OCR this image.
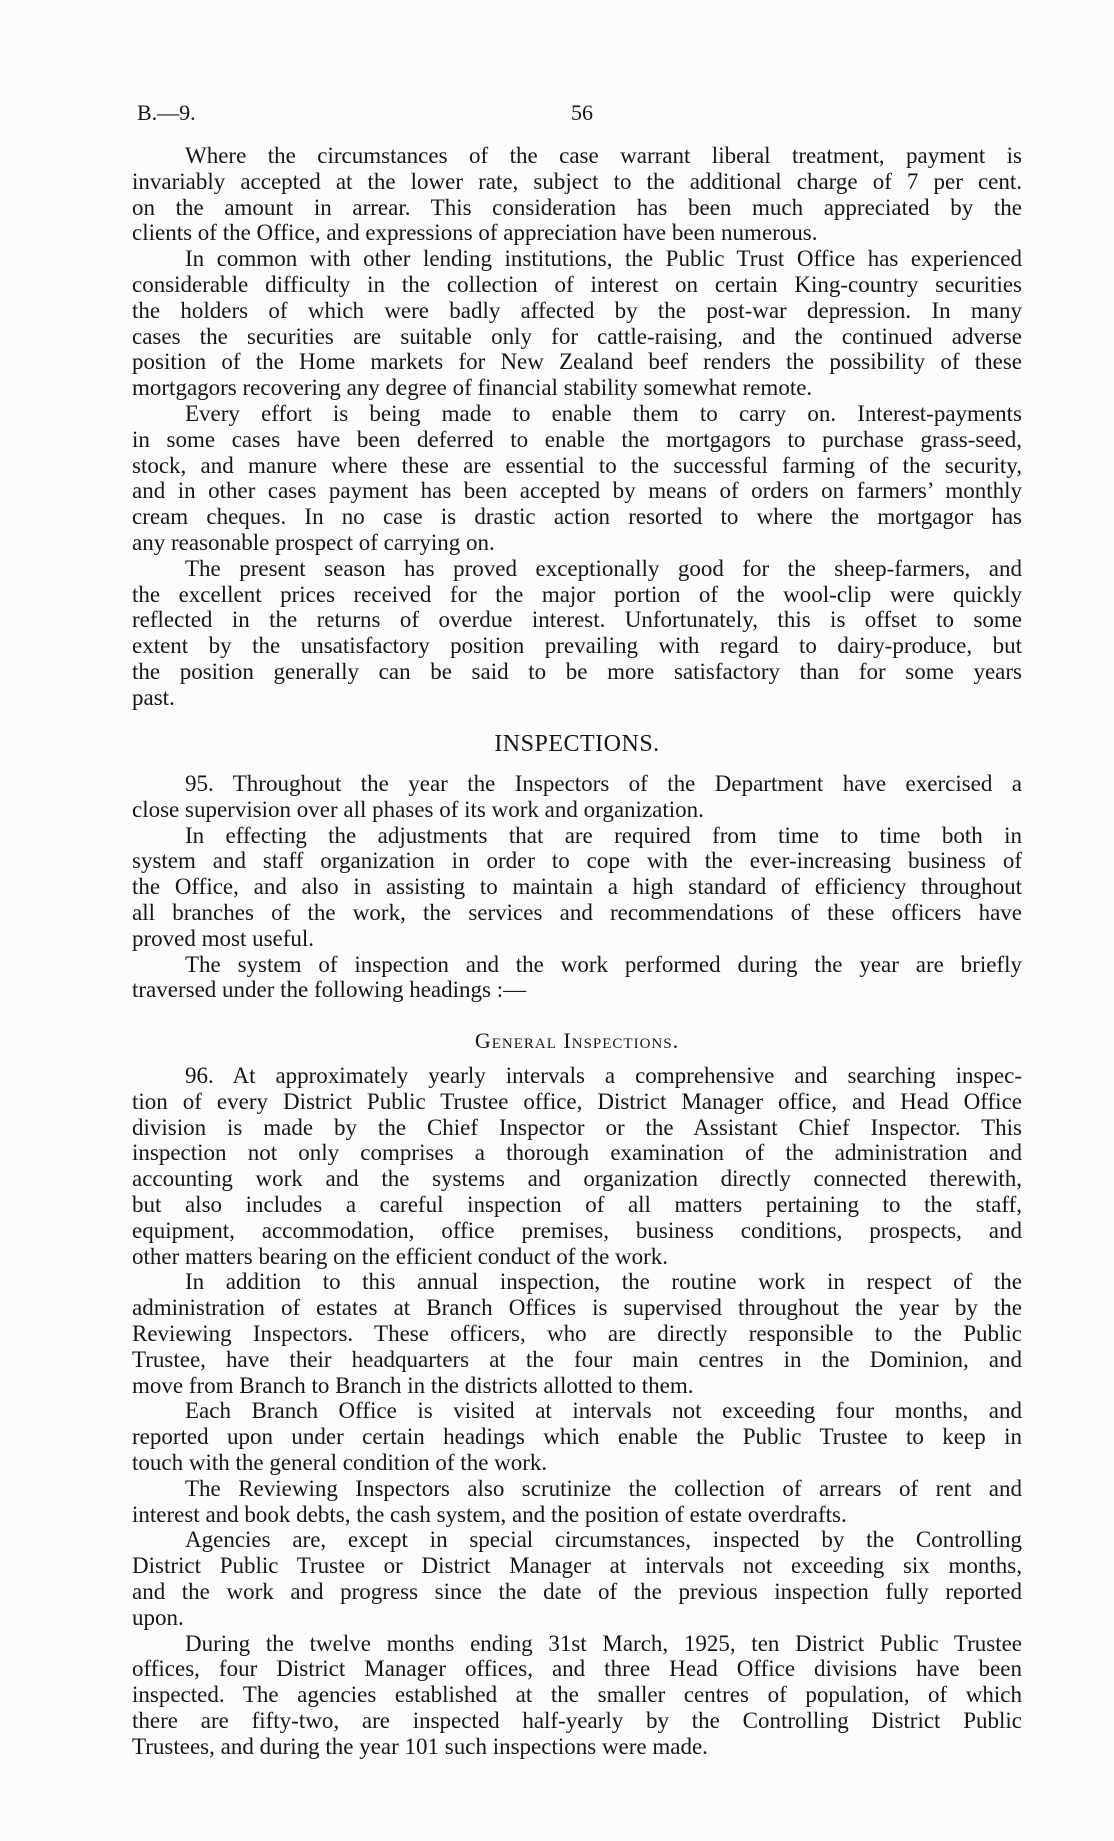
B.—9.	56
Where the circumstances of the case warrant liberal treatment, payment is
invariably accepted at the lower rate, subject to the additional charge of 7 per cent.
on the amount in arrear. This consideration has been much appreciated by the
clients of the Office, and expressions of appreciation have been numerous.
In common with other lending institutions, the Public Trust Office has experienced
considerable difficulty in the collection of interest on certain King-country securities
the holders of which were badly affected by the post-war depression. In many
cases the securities are suitable only for cattle-raising, and the continued adverse
position of the Home markets for New Zealand beef renders the possibility of these
mortgagors recovering any degree of financial stability somewhat remote.
Every effort is being made to enable them to carry on. Interest-payments
in some cases have been deferred to enable the mortgagors to purchase grass-seed,
stock, and manure where these are essential to the successful farming of the security,
and in other cases payment has been accepted by means of orders on farmers’ monthly
cream cheques. In no case is drastic action resorted to where the mortgagor has
any reasonable prospect of carrying on.
The present season has proved exceptionally good for the sheep-farmers, and
the excellent prices received for the major portion of the wool-clip were quickly
reflected in the returns of overdue interest. Unfortunately, this is offset to some
extent by the unsatisfactory position prevailing with regard to dairy-produce, but
the position generally can be said to be more satisfactory than for some years
past.
INSPECTIONS.
95. Throughout the year the Inspectors of the Department have exercised a
close supervision over all phases of its work and organization.
In effecting the adjustments that are required from time to time both in
system and staff organization in order to cope with the ever-increasing business of
the Office, and also in assisting to maintain a high standard of efficiency throughout
all branches of the work, the services and recommendations of these officers have
proved most useful.
The system of inspection and the work performed during the year are briefly
traversed under the following headings :—
General Inspections.
96. At approximately yearly intervals a comprehensive and searching inspec-
tion of every District Public Trustee office, District Manager office, and Head Office
division is made by the Chief Inspector or the Assistant Chief Inspector. This
inspection not only comprises a thorough examination of the administration and
accounting work and the systems and organization directly connected therewith,
but also includes a careful inspection of all matters pertaining to the staff,
equipment, accommodation, office premises, business conditions, prospects, and
other matters bearing on the efficient conduct of the work.
In addition to this annual inspection, the routine work in respect of the
administration of estates at Branch Offices is supervised throughout the year by the
Reviewing Inspectors. These officers, who are directly responsible to the Public
Trustee, have their headquarters at the four main centres in the Dominion, and
move from Branch to Branch in the districts allotted to them.
Each Branch Office is visited at intervals not exceeding four months, and
reported upon under certain headings which enable the Public Trustee to keep in
touch with the general condition of the work.
The Reviewing Inspectors also scrutinize the collection of arrears of rent and
interest and book debts, the cash system, and the position of estate overdrafts.
Agencies are, except in special circumstances, inspected by the Controlling
District Public Trustee or District Manager at intervals not exceeding six months,
and the work and progress since the date of the previous inspection fully reported
upon.
During the twelve months ending 31st March, 1925, ten District Public Trustee
offices, four District Manager offices, and three Head Office divisions have been
inspected. The agencies established at the smaller centres of population, of which
there are fifty-two, are inspected half-yearly by the Controlling District Public
Trustees, and during the year 101 such inspections were made.
